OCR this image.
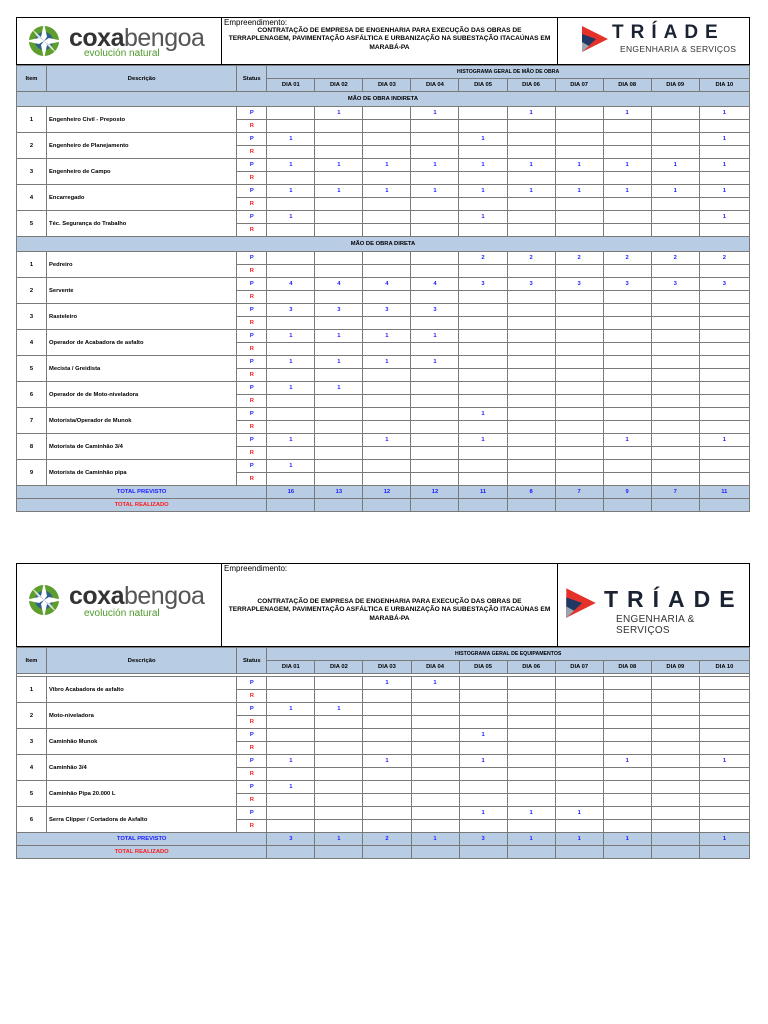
coxabengoa
evolución natural
Empreendimento:
CONTRATAÇÃO DE EMPRESA DE ENGENHARIA PARA EXECUÇÃO DAS OBRAS DE TERRAPLENAGEM, PAVIMENTAÇÃO ASFÁLTICA E URBANIZAÇÃO NA SUBESTAÇÃO ITACAÚNAS EM MARABÁ-PA
TRÍADE
ENGENHARIA & SERVIÇOS
Item	Descrição	Status	HISTOGRAMA GERAL DE MÃO DE OBRA									
			DIA 01	DIA 02	DIA 03	DIA 04	DIA 05	DIA 06	DIA 07	DIA 08	DIA 09	DIA 10
MÃO DE OBRA INDIRETA												
1	Engenheiro Civil - Preposto	P		1		1		1		1		1
		R										
2	Engenheiro de Planejamento	P	1				1					1
		R										
3	Engenheiro de Campo	P	1	1	1	1	1	1	1	1	1	1
		R										
4	Encarregado	P	1	1	1	1	1	1	1	1	1	1
		R										
5	Téc. Segurança do Trabalho	P	1				1					1
		R										
MÃO DE OBRA DIRETA												
1	Pedreiro	P					2	2	2	2	2	2
		R										
2	Servente	P	4	4	4	4	3	3	3	3	3	3
		R										
3	Rasteleiro	P	3	3	3	3						
		R										
4	Operador de Acabadora de asfalto	P	1	1	1	1						
		R										
5	Mecista / Greidista	P	1	1	1	1						
		R										
6	Operador de de Moto-niveladora	P	1	1								
		R										
7	Motorista/Operador de Munok	P					1					
		R										
8	Motorista de Caminhão 3/4	P	1		1		1			1		1
		R										
9	Motorista de Caminhão pipa	P	1									
		R										
TOTAL PREVISTO			16	13	12	12	11	8	7	9	7	11
TOTAL REALIZADO												
coxabengoa
evolución natural
Empreendimento:
CONTRATAÇÃO DE EMPRESA DE ENGENHARIA PARA EXECUÇÃO DAS OBRAS DE TERRAPLENAGEM, PAVIMENTAÇÃO ASFÁLTICA E URBANIZAÇÃO NA SUBESTAÇÃO ITACAÚNAS EM MARABÁ-PA
TRÍADE
ENGENHARIA & SERVIÇOS
Item	Descrição	Status	HISTOGRAMA GERAL DE EQUIPAMENTOS									
			DIA 01	DIA 02	DIA 03	DIA 04	DIA 05	DIA 06	DIA 07	DIA 08	DIA 09	DIA 10

1	Vibro Acabadora de asfalto	P			1	1						
		R										
2	Moto-niveladora	P	1	1								
		R										
3	Caminhão Munok	P					1					
		R										
4	Caminhão 3/4	P	1		1		1			1		1
		R										
5	Caminhão Pipa 20.000 L	P	1									
		R										
6	Serra Clipper / Cortadora de Asfalto	P					1	1	1			
		R										
TOTAL PREVISTO			3	1	2	1	3	1	1	1		1
TOTAL REALIZADO												
